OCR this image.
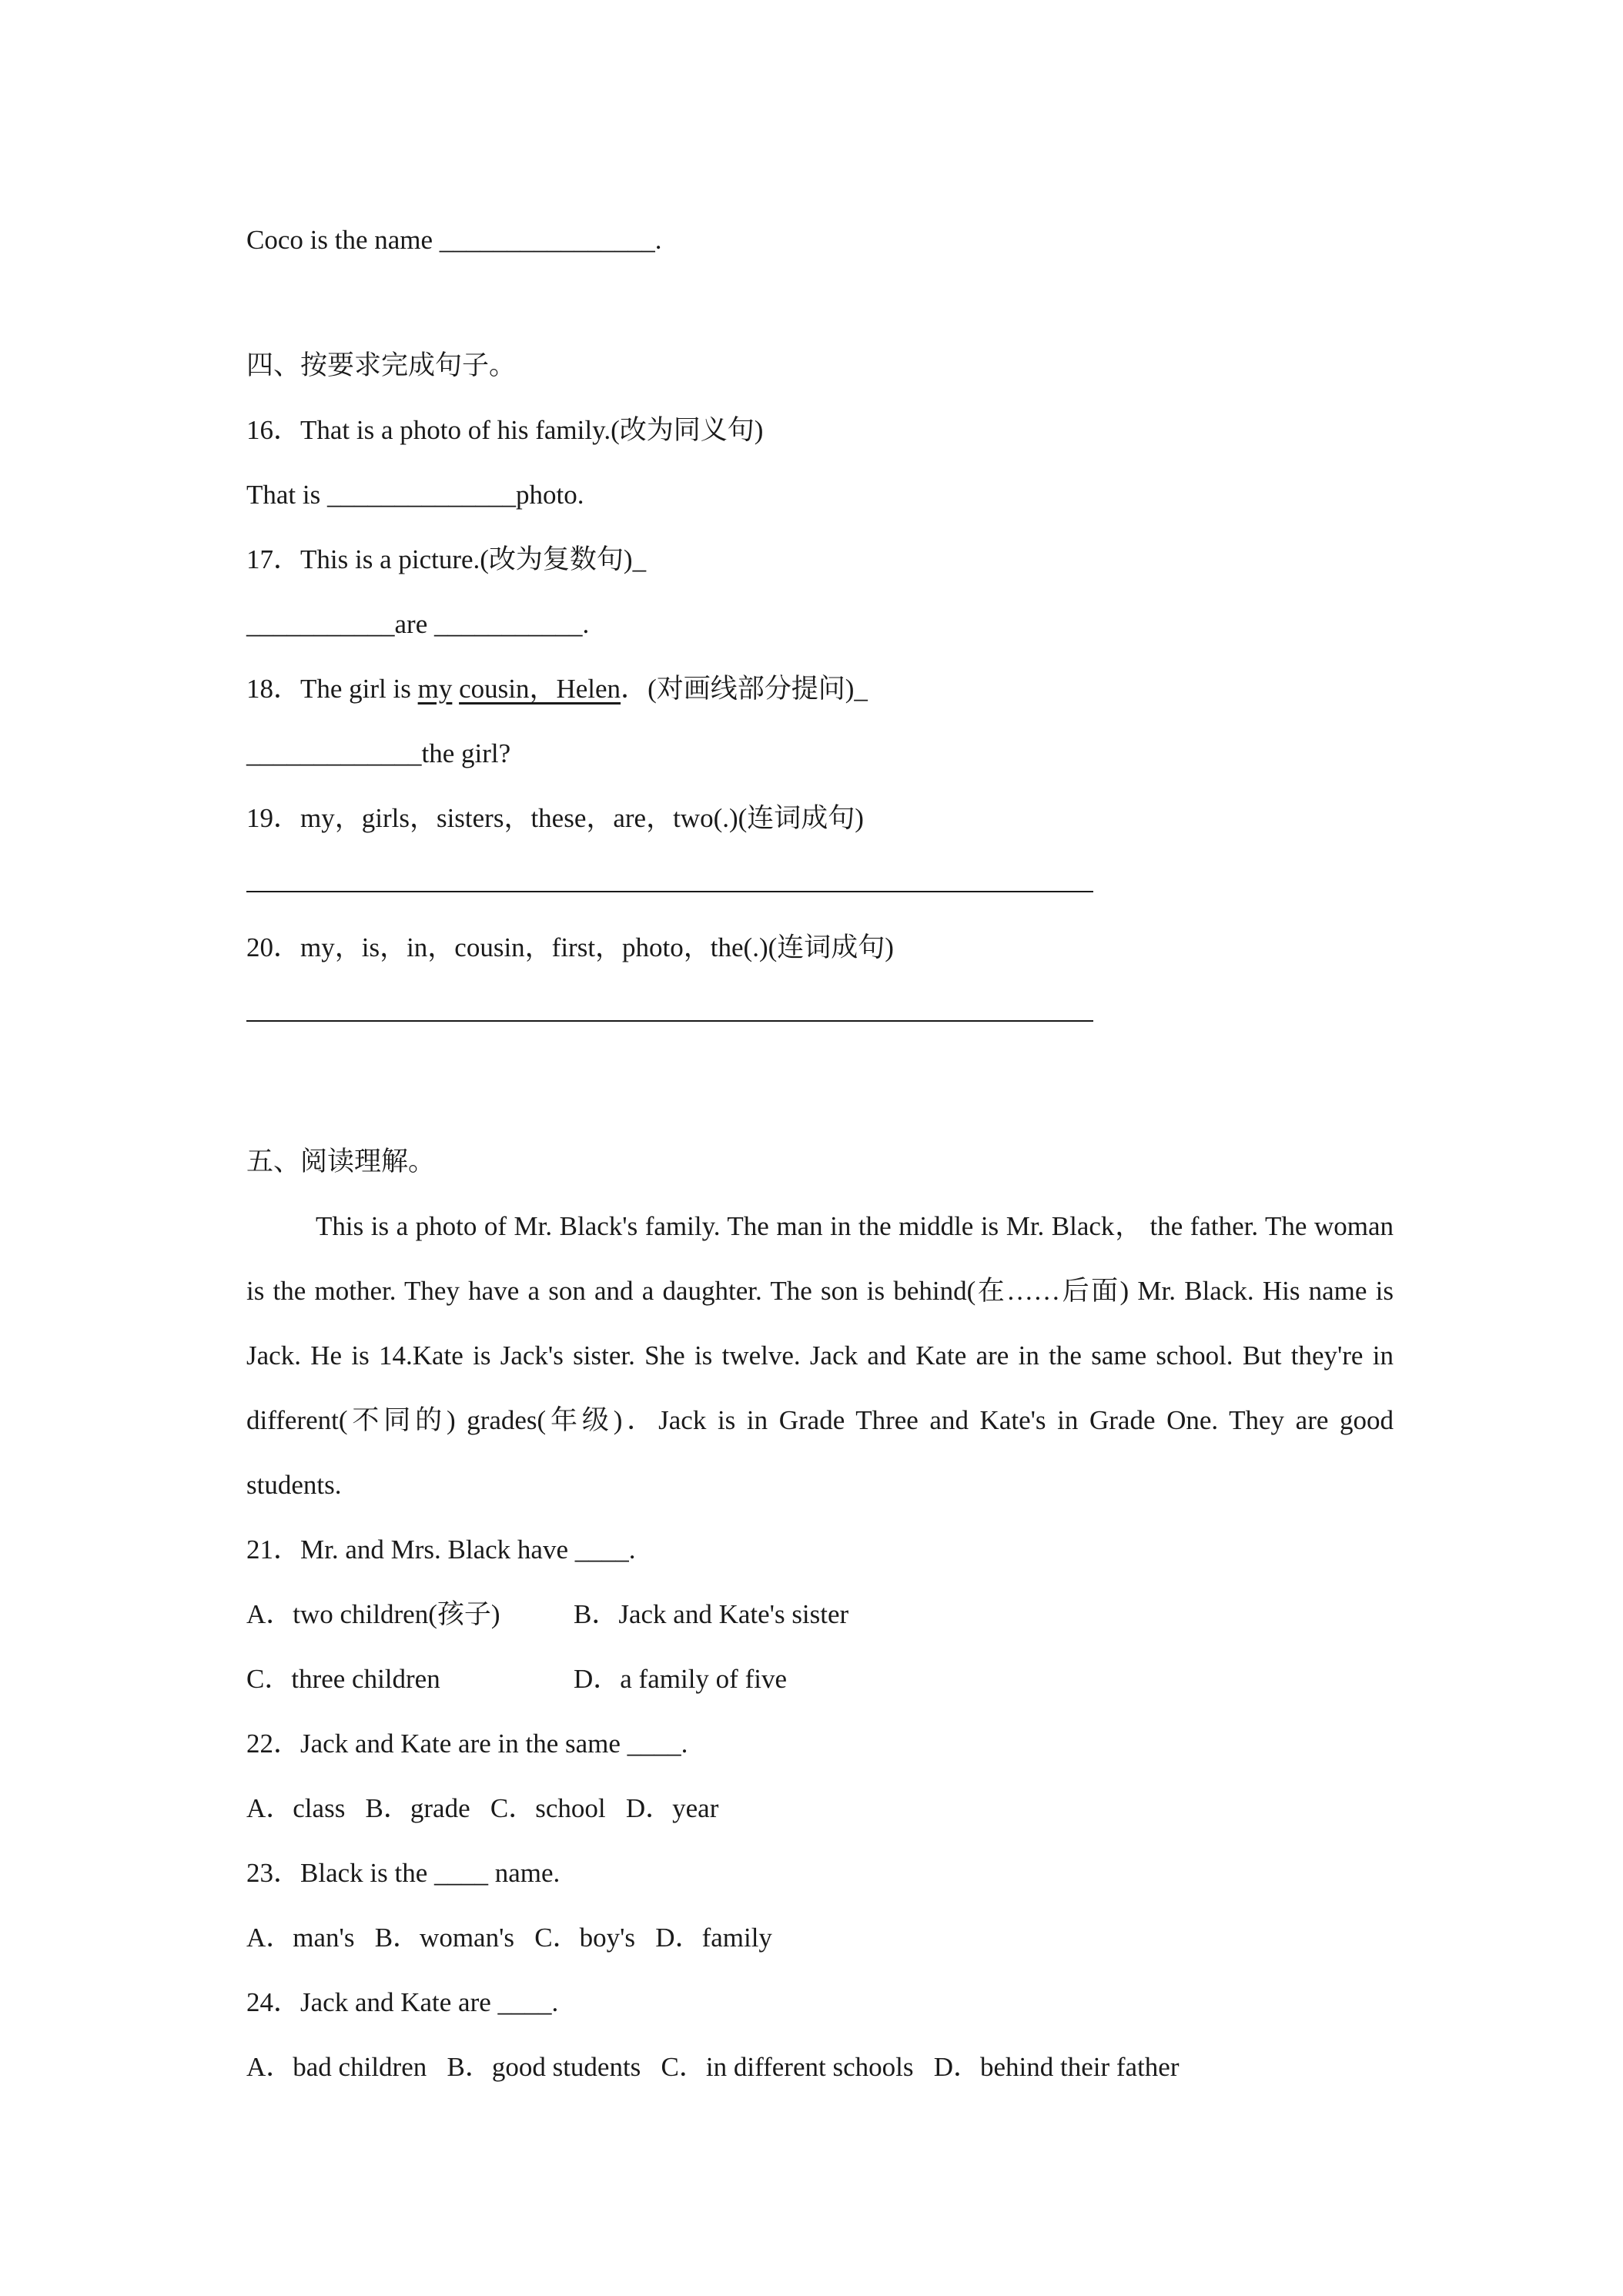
Coco is the name ________________.
四、按要求完成句子。
16．That is a photo of his family.(改为同义句)
That is ______________photo.
17．This is a picture.(改为复数句)_
___________are ___________.
18．The girl is my cousin，Helen．(对画线部分提问)_
_____________the girl?
19．my，girls，sisters，these，are，two(.)(连词成句)
20．my，is，in，cousin，first，photo，the(.)(连词成句)
五、阅读理解。
This is a photo of Mr. Black's family. The man in the middle is Mr. Black， the father. The woman is the mother. They have a son and a daughter. The son is behind(在……后面) Mr. Black. His name is Jack. He is 14.Kate is Jack's sister. She is twelve. Jack and Kate are in the same school. But they're in different(不同的) grades(年级)．Jack is in Grade Three and Kate's in Grade One. They are good students.
21．Mr. and Mrs. Black have ____.
A．two children(孩子)	B．Jack and Kate's sister
C．three children	D．a family of five
22．Jack and Kate are in the same ____.
A．class   B．grade   C．school   D．year
23．Black is the ____ name.
A．man's   B．woman's   C．boy's   D．family
24．Jack and Kate are ____.
A．bad children   B．good students   C．in different schools   D．behind their father
